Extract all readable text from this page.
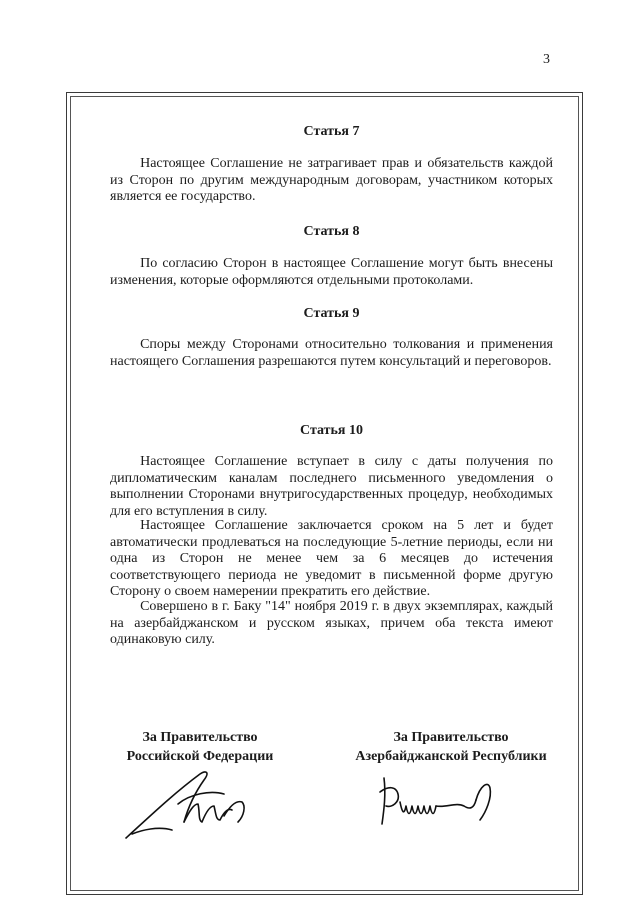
3
Статья 7

Настоящее Соглашение не затрагивает прав и обязательств каждой из Сторон по другим международным договорам, участником которых является ее государство.

Статья 8

По согласию Сторон в настоящее Соглашение могут быть внесены изменения, которые оформляются отдельными протоколами.

Статья 9

Споры между Сторонами относительно толкования и применения настоящего Соглашения разрешаются путем консультаций и переговоров.

Статья 10

Настоящее Соглашение вступает в силу с даты получения по дипломатическим каналам последнего письменного уведомления о выполнении Сторонами внутригосударственных процедур, необходимых для его вступления в силу.

Настоящее Соглашение заключается сроком на 5 лет и будет автоматически продлеваться на последующие 5-летние периоды, если ни одна из Сторон не менее чем за 6 месяцев до истечения соответствующего периода не уведомит в письменной форме другую Сторону о своем намерении прекратить его действие.

Совершено в г. Баку "14" ноября 2019 г. в двух экземплярах, каждый на азербайджанском и русском языках, причем оба текста имеют одинаковую силу.

За Правительство
Российской Федерации
За Правительство
Азербайджанской Республики
